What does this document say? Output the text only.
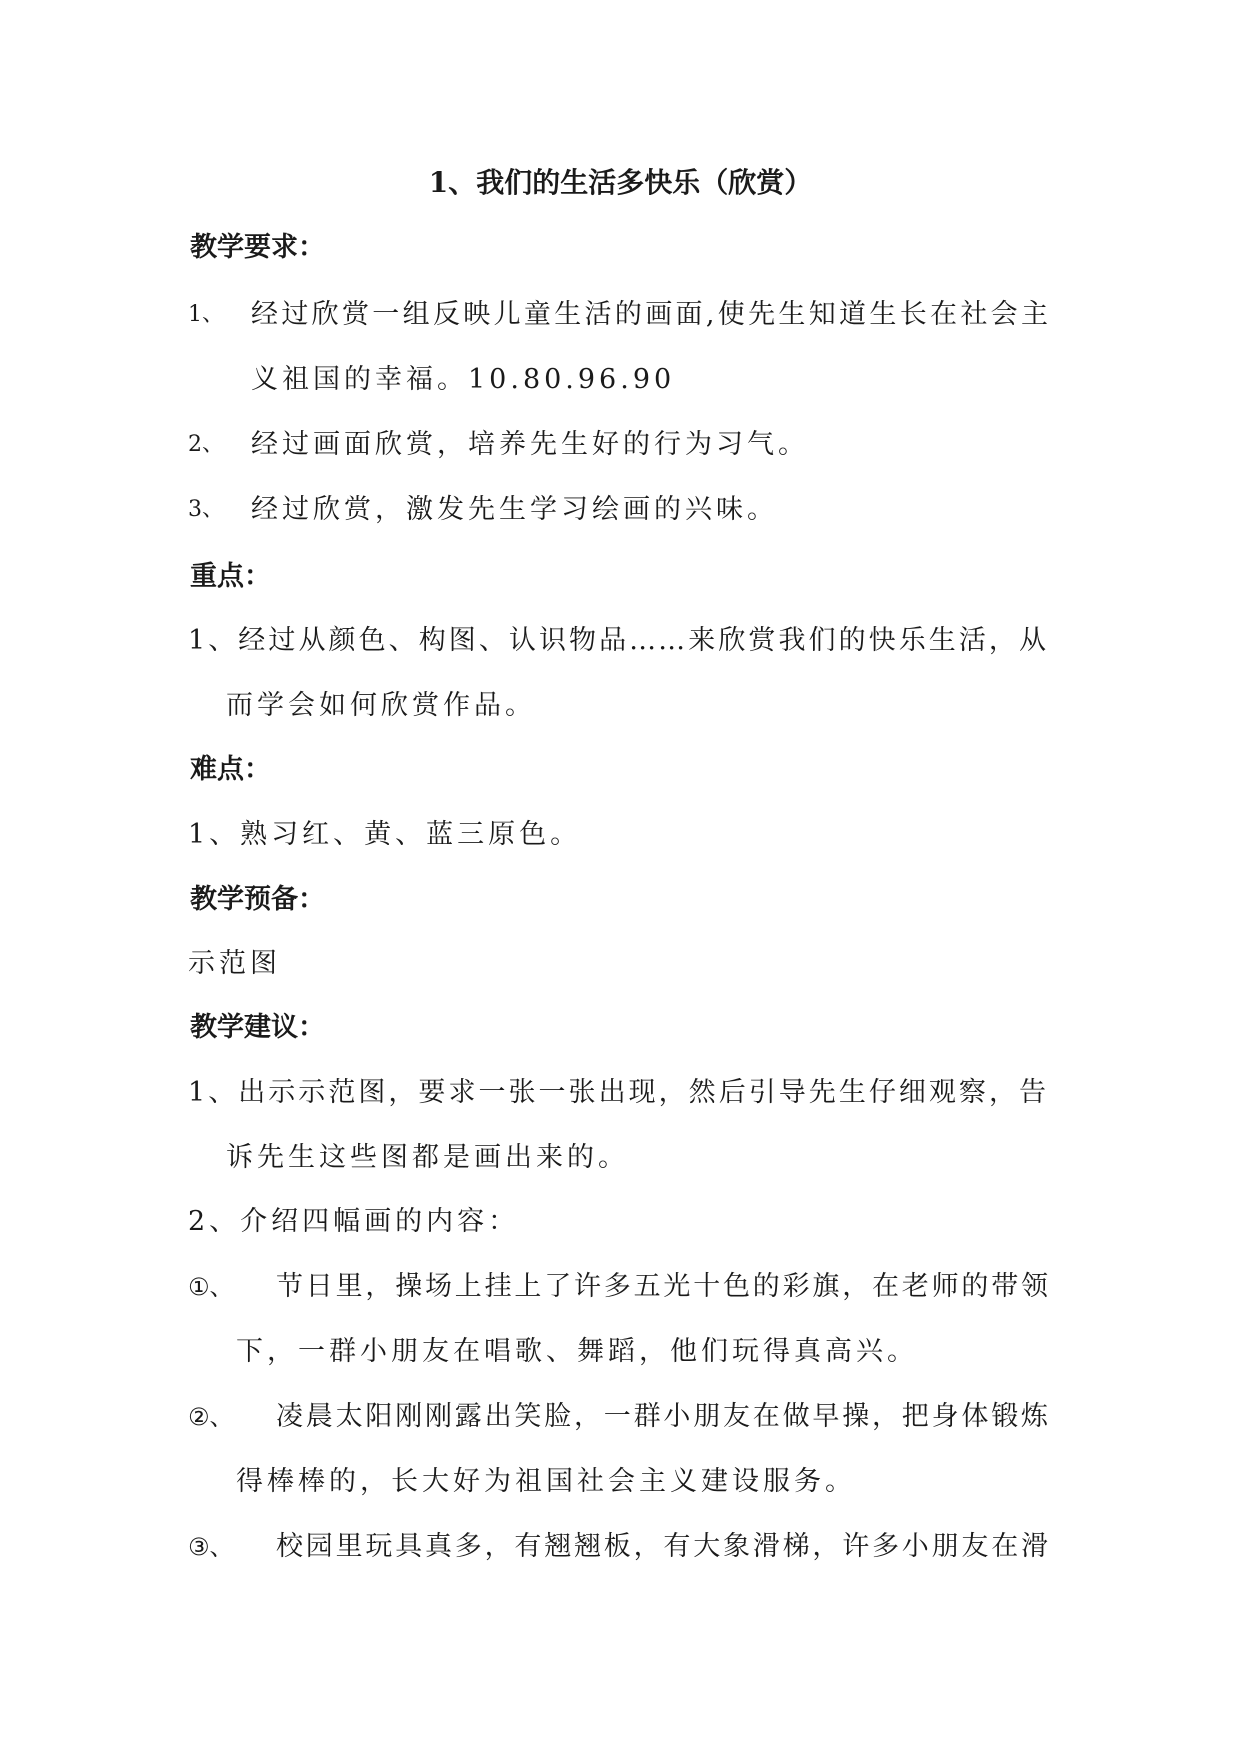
1、我们的生活多快乐（欣赏）
教学要求：
1、 经过欣赏一组反映儿童生活的画面,使先生知道生长在社会主
义祖国的幸福。10.80.96.90
2、 经过画面欣赏，培养先生好的行为习气。
3、 经过欣赏，激发先生学习绘画的兴味。
重点：
1、经过从颜色、构图、认识物品……来欣赏我们的快乐生活，从
而学会如何欣赏作品。
难点：
1、熟习红、黄、蓝三原色。
教学预备：
示范图
教学建议：
1、出示示范图，要求一张一张出现，然后引导先生仔细观察，告
诉先生这些图都是画出来的。
2、介绍四幅画的内容：
①、 节日里，操场上挂上了许多五光十色的彩旗，在老师的带领
下，一群小朋友在唱歌、舞蹈，他们玩得真高兴。
②、 凌晨太阳刚刚露出笑脸，一群小朋友在做早操，把身体锻炼
得棒棒的，长大好为祖国社会主义建设服务。
③、 校园里玩具真多，有翘翘板，有大象滑梯，许多小朋友在滑
